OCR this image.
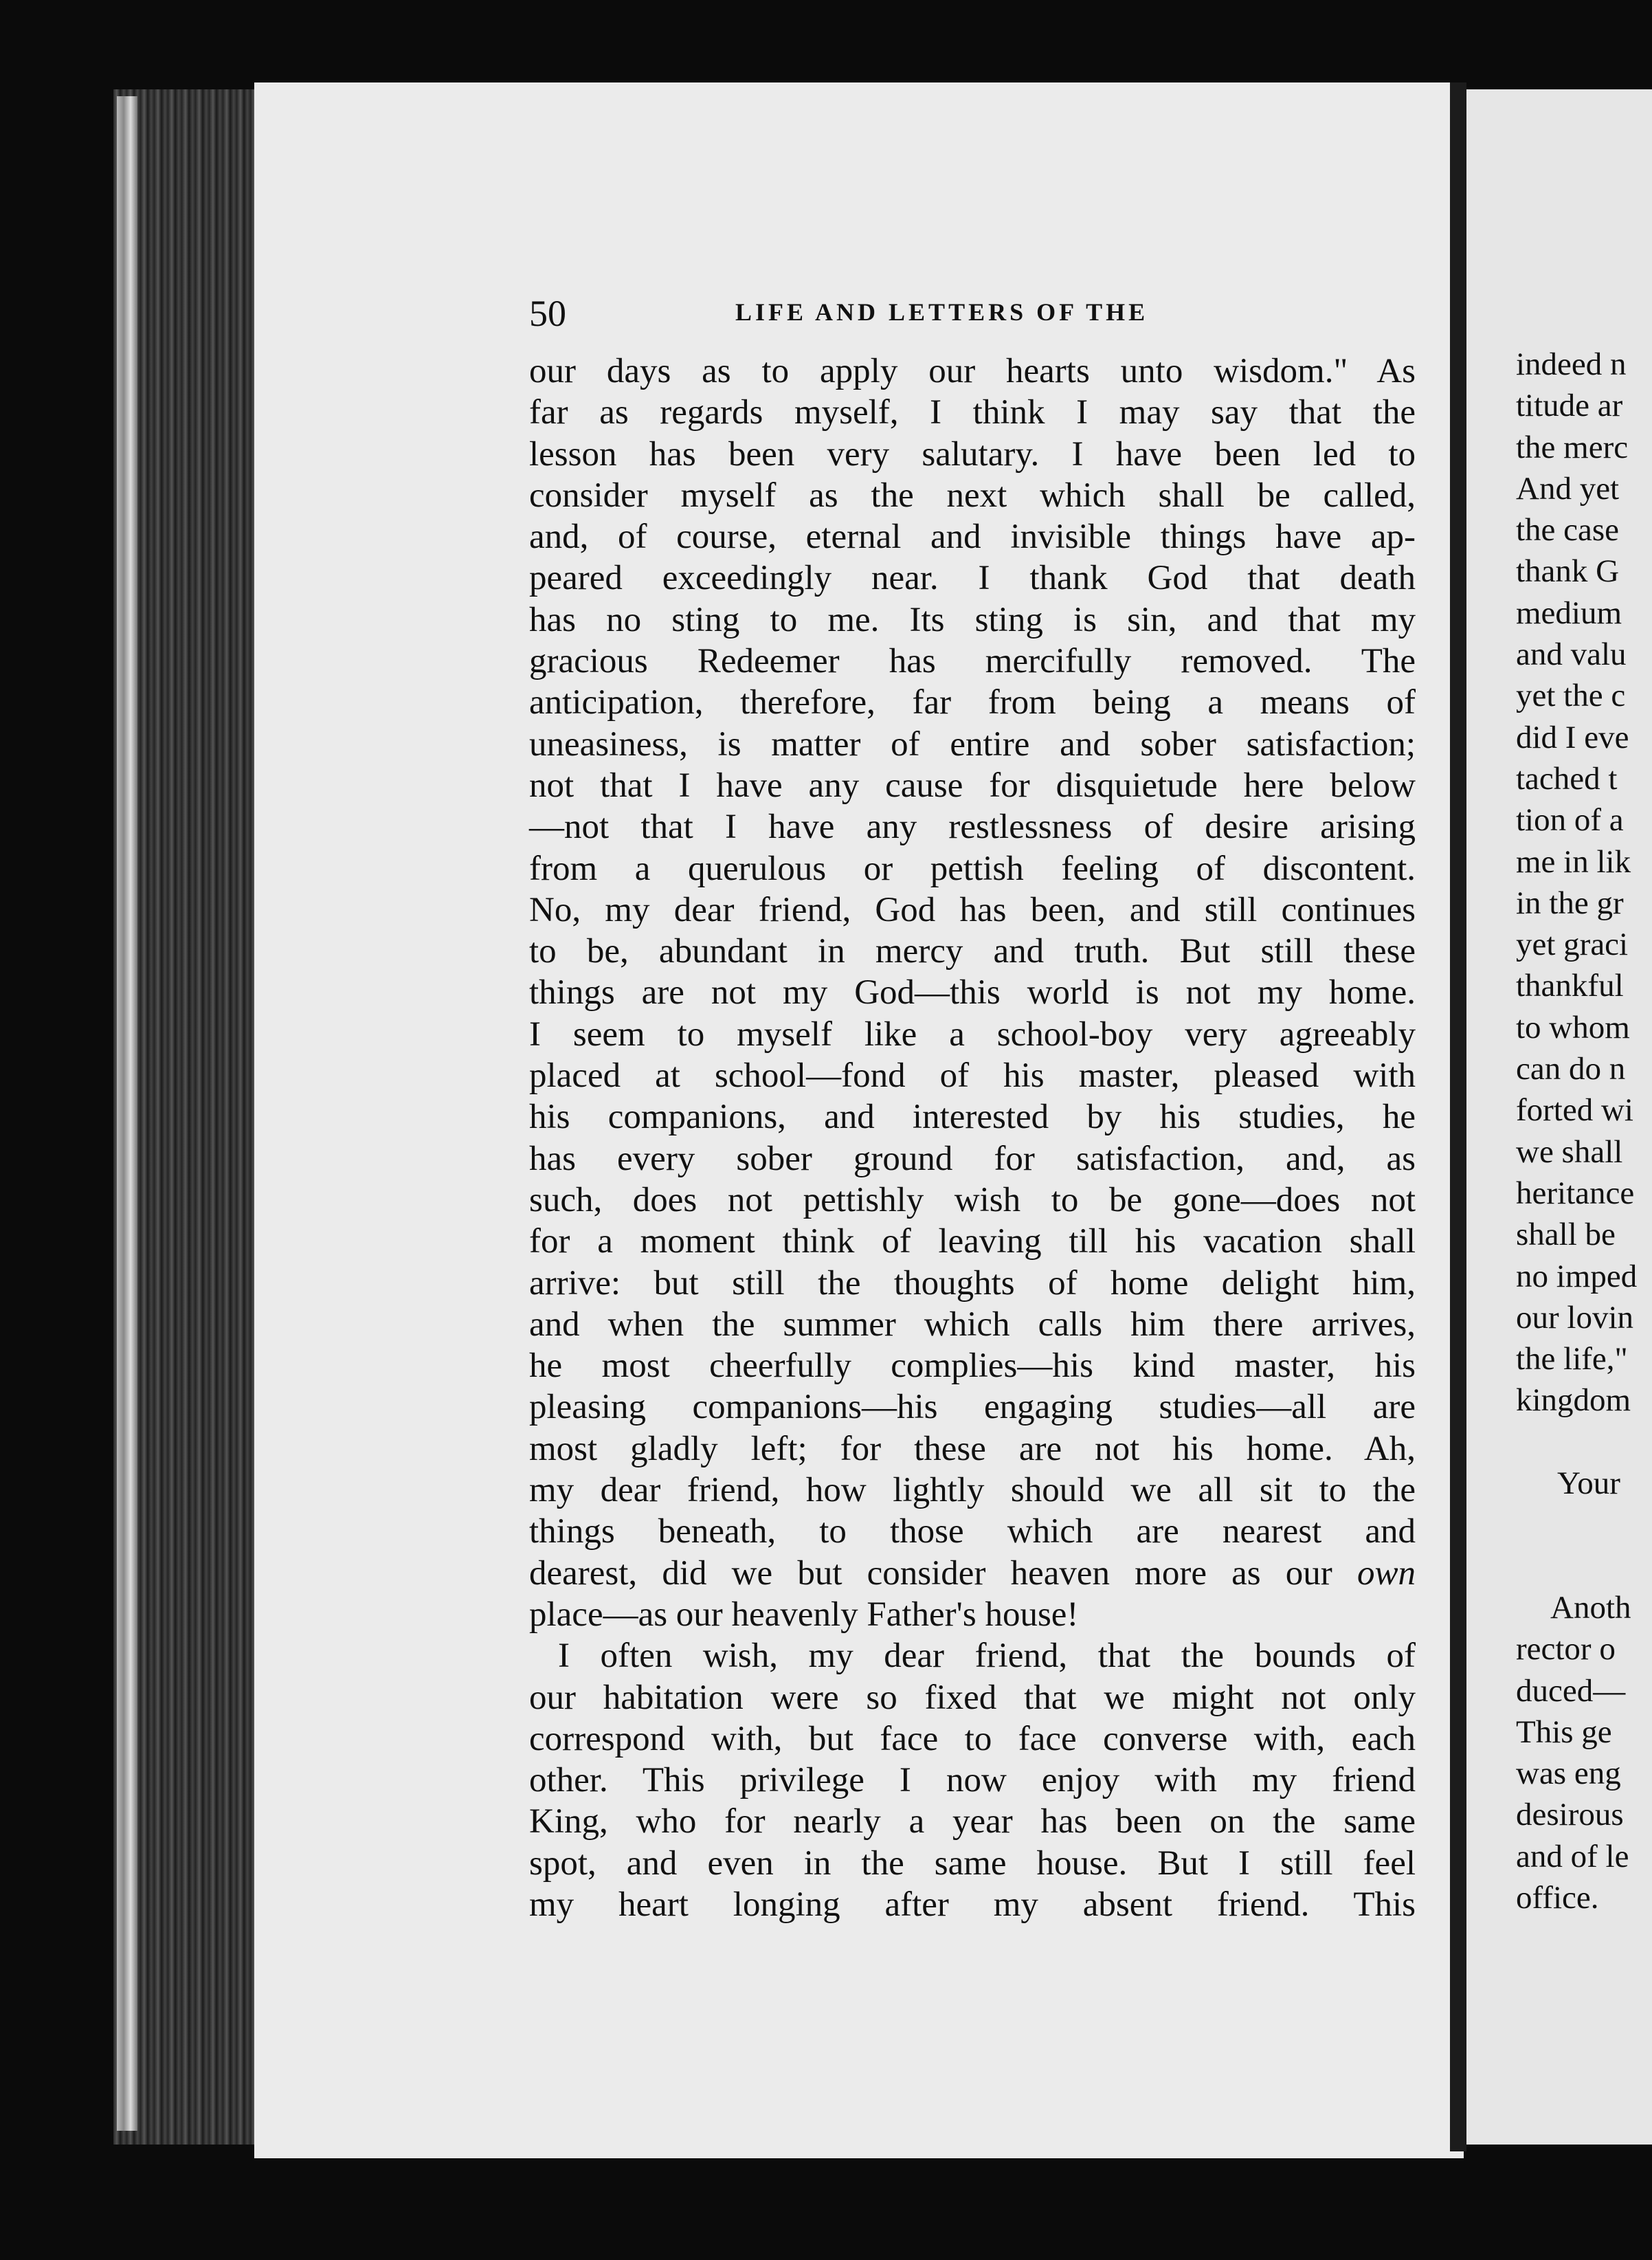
indeed n
titude ar
the merc
And yet
the case
thank G
medium
and valu
yet the c
did I eve
tached t
tion of a
me in lik
in the gr
yet graci
thankful
to whom
can do n
forted wi
we shall
heritance
shall be
no imped
our lovin
the life,"
kingdom
Your
Anoth
rector o
duced—
This ge
was eng
desirous
and of le
office.
50	LIFE AND LETTERS OF THE
our days as to apply our hearts unto wisdom." As
far as regards myself, I think I may say that the
lesson has been very salutary. I have been led to
consider myself as the next which shall be called,
and, of course, eternal and invisible things have ap-
peared exceedingly near. I thank God that death
has no sting to me. Its sting is sin, and that my
gracious Redeemer has mercifully removed. The
anticipation, therefore, far from being a means of
uneasiness, is matter of entire and sober satisfaction;
not that I have any cause for disquietude here below
—not that I have any restlessness of desire arising
from a querulous or pettish feeling of discontent.
No, my dear friend, God has been, and still continues
to be, abundant in mercy and truth. But still these
things are not my God—this world is not my home.
I seem to myself like a school-boy very agreeably
placed at school—fond of his master, pleased with
his companions, and interested by his studies, he
has every sober ground for satisfaction, and, as
such, does not pettishly wish to be gone—does not
for a moment think of leaving till his vacation shall
arrive: but still the thoughts of home delight him,
and when the summer which calls him there arrives,
he most cheerfully complies—his kind master, his
pleasing companions—his engaging studies—all are
most gladly left; for these are not his home. Ah,
my dear friend, how lightly should we all sit to the
things beneath, to those which are nearest and
dearest, did we but consider heaven more as our own
place—as our heavenly Father's house!
I often wish, my dear friend, that the bounds of
our habitation were so fixed that we might not only
correspond with, but face to face converse with, each
other. This privilege I now enjoy with my friend
King, who for nearly a year has been on the same
spot, and even in the same house. But I still feel
my heart longing after my absent friend. This
